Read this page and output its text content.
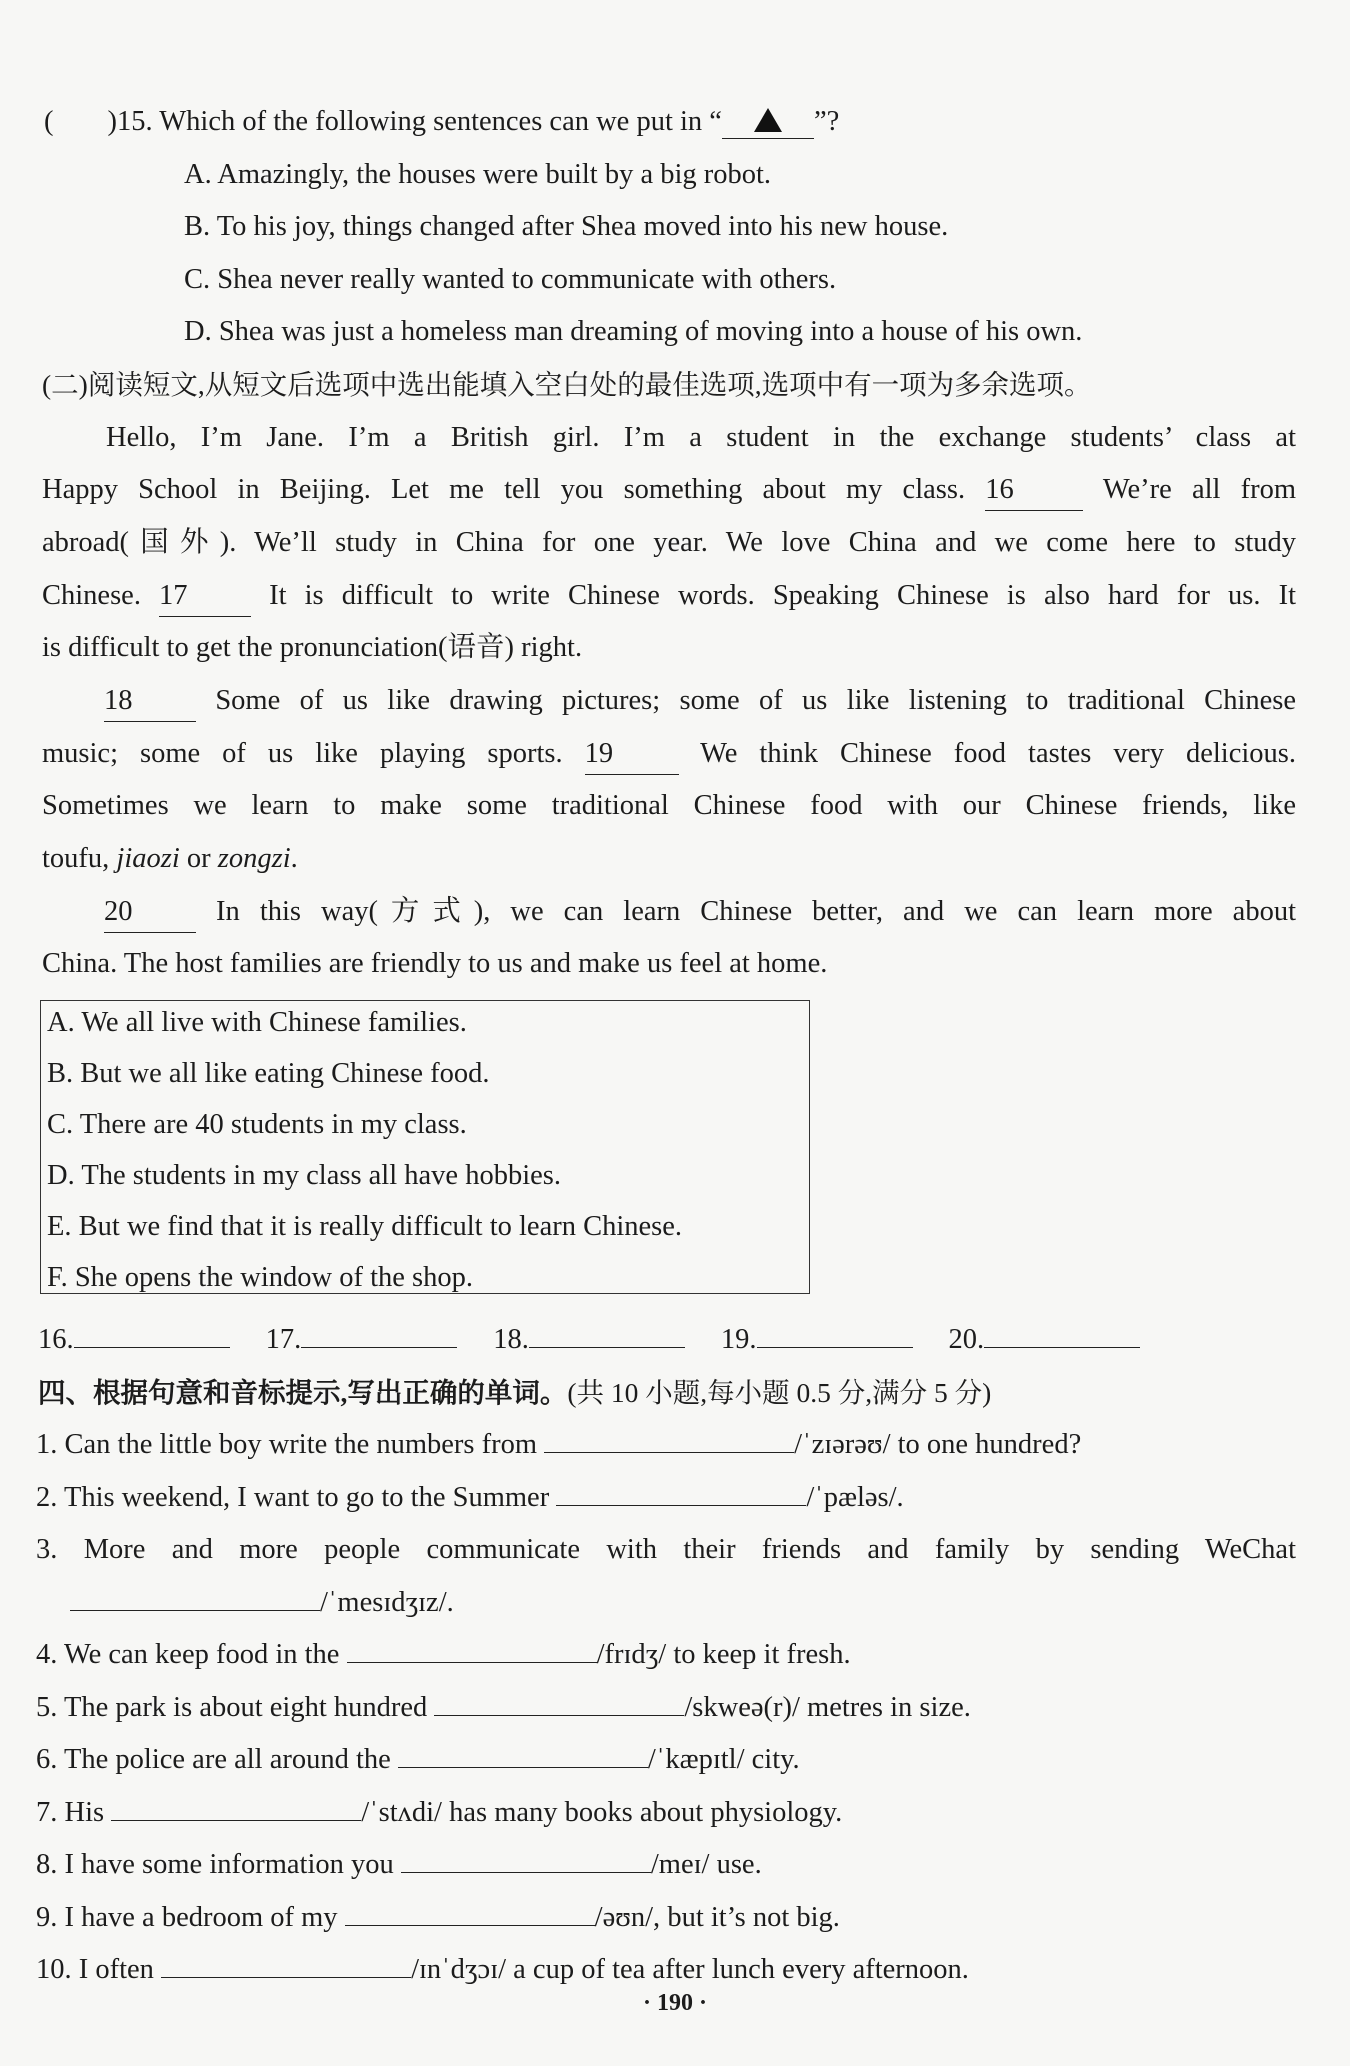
( )15. Which of the following sentences can we put in “	”?
A. Amazingly, the houses were built by a big robot.
B. To his joy, things changed after Shea moved into his new house.
C. Shea never really wanted to communicate with others.
D. Shea was just a homeless man dreaming of moving into a house of his own.
(二)阅读短文,从短文后选项中选出能填入空白处的最佳选项,选项中有一项为多余选项。
Hello, I’m Jane. I’m a British girl. I’m a student in the exchange students’ class at
Happy School in Beijing. Let me tell you something about my class. 16	We’re all from
abroad(国外). We’ll study in China for one year. We love China and we come here to study
Chinese. 17	It is difficult to write Chinese words. Speaking Chinese is also hard for us. It
is difficult to get the pronunciation(语音) right.
18	Some of us like drawing pictures; some of us like listening to traditional Chinese
music; some of us like playing sports. 19	We think Chinese food tastes very delicious.
Sometimes we learn to make some traditional Chinese food with our Chinese friends, like
toufu, jiaozi or zongzi.
20	In this way(方式), we can learn Chinese better, and we can learn more about
China. The host families are friendly to us and make us feel at home.
A. We all live with Chinese families.
B. But we all like eating Chinese food.
C. There are 40 students in my class.
D. The students in my class all have hobbies.
E. But we find that it is really difficult to learn Chinese.
F. She opens the window of the shop.
16.	17.	18.	19.	20.
四、根据句意和音标提示,写出正确的单词。(共 10 小题,每小题 0.5 分,满分 5 分)
1. Can the little boy write the numbers from	/ˈzɪərəʊ/ to one hundred?
2. This weekend, I want to go to the Summer	/ˈpæləs/.
3. More and more people communicate with their friends and family by sending WeChat
/ˈmesɪdʒɪz/.
4. We can keep food in the	/frɪdʒ/ to keep it fresh.
5. The park is about eight hundred	/skweə(r)/ metres in size.
6. The police are all around the	/ˈkæpɪtl/ city.
7. His	/ˈstʌdi/ has many books about physiology.
8. I have some information you	/meɪ/ use.
9. I have a bedroom of my	/əʊn/, but it’s not big.
10. I often	/ɪnˈdʒɔɪ/ a cup of tea after lunch every afternoon.
· 190 ·
